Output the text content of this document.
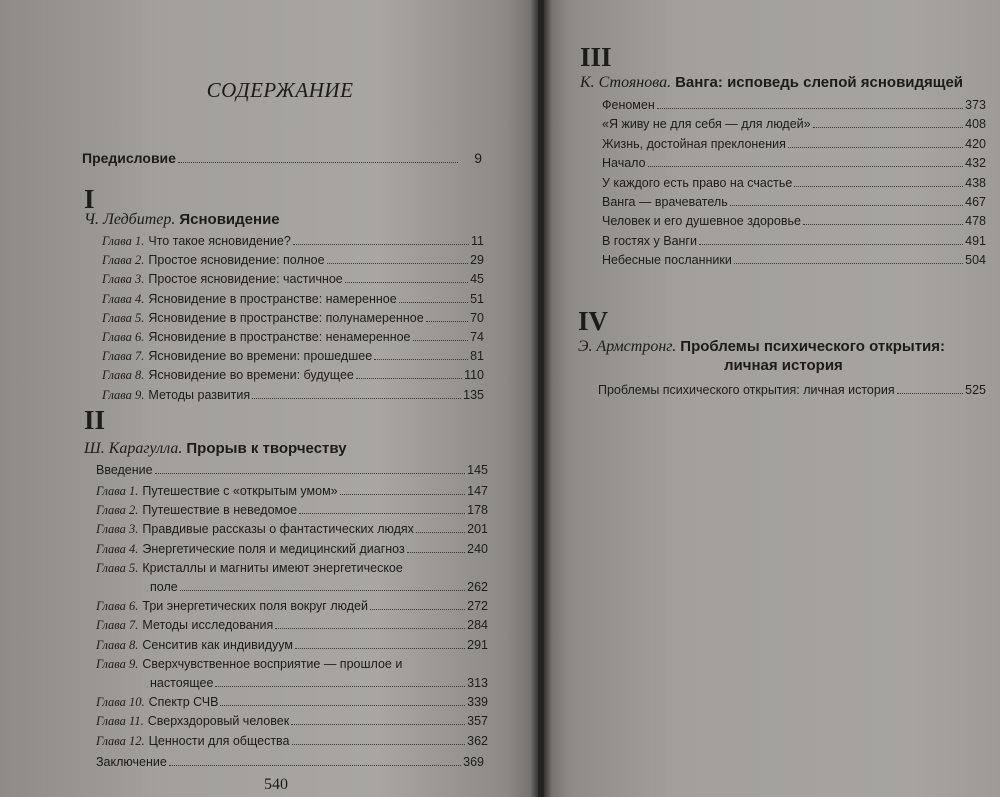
СОДЕРЖАНИЕ
Предисловие	9
I
Ч. Ледбитер. Ясновидение
Глава 1. Что такое ясновидение?	11
Глава 2. Простое ясновидение: полное	29
Глава 3. Простое ясновидение: частичное	45
Глава 4. Ясновидение в пространстве: намеренное	51
Глава 5. Ясновидение в пространстве: полунамеренное	70
Глава 6. Ясновидение в пространстве: ненамеренное	74
Глава 7. Ясновидение во времени: прошедшее	81
Глава 8. Ясновидение во времени: будущее	110
Глава 9. Методы развития	135
II
Ш. Карагулла. Прорыв к творчеству
Введение	145
Глава 1. Путешествие с «открытым умом»	147
Глава 2. Путешествие в неведомое	178
Глава 3. Правдивые рассказы о фантастических людях	201
Глава 4. Энергетические поля и медицинский диагноз	240
Глава 5. Кристаллы и магниты имеют энергетическое
поле	262
Глава 6. Три энергетических поля вокруг людей	272
Глава 7. Методы исследования	284
Глава 8. Сенситив как индивидуум	291
Глава 9. Сверхчувственное восприятие — прошлое и
настоящее	313
Глава 10. Спектр СЧВ	339
Глава 11. Сверхздоровый человек	357
Глава 12. Ценности для общества	362
Заключение	369
540
III
К. Стоянова. Ванга: исповедь слепой ясновидящей
Феномен	373
«Я живу не для себя — для людей»	408
Жизнь, достойная преклонения	420
Начало	432
У каждого есть право на счастье	438
Ванга — врачеватель	467
Человек и его душевное здоровье	478
В гостях у Ванги	491
Небесные посланники	504
IV
Э. Армстронг. Проблемы психического открытия:
личная история
Проблемы психического открытия: личная история	525
